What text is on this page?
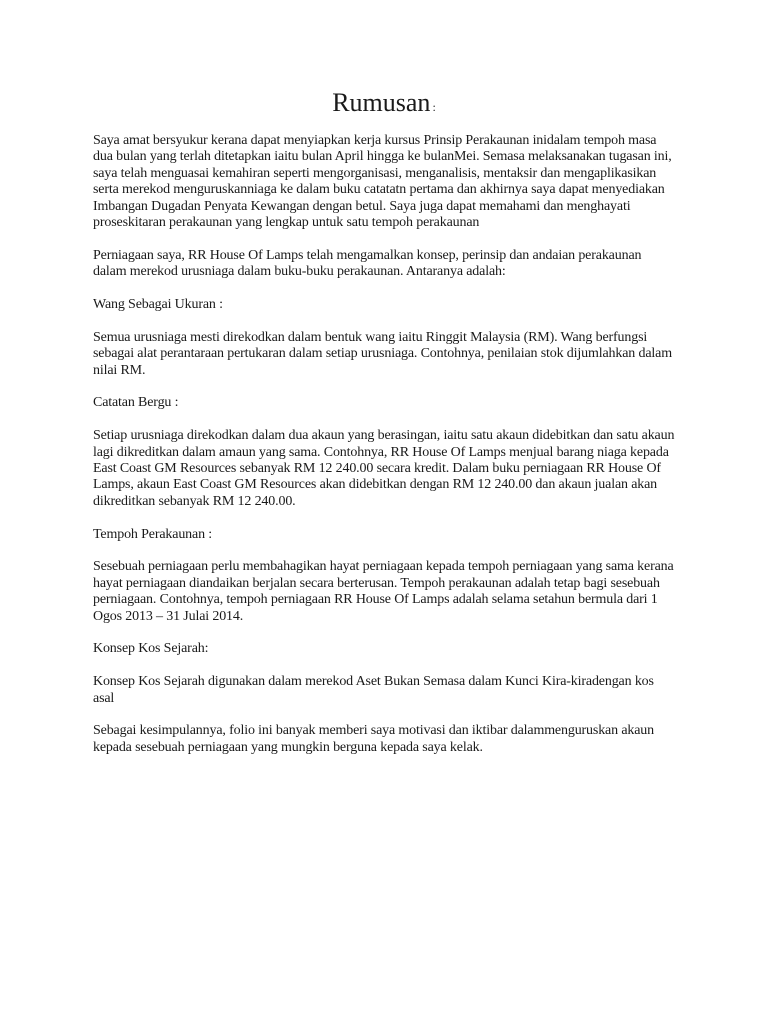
Rumusan :

Saya amat bersyukur kerana dapat menyiapkan kerja kursus Prinsip Perakaunan inidalam tempoh masa dua bulan yang terlah ditetapkan iaitu bulan April hingga ke bulanMei. Semasa melaksanakan tugasan ini, saya telah menguasai kemahiran seperti mengorganisasi, menganalisis, mentaksir dan mengaplikasikan serta merekod menguruskanniaga ke dalam buku catatatn pertama dan akhirnya saya dapat menyediakan Imbangan Dugadan Penyata Kewangan dengan betul. Saya juga dapat memahami dan menghayati proseskitaran perakaunan yang lengkap untuk satu tempoh perakaunan

Perniagaan saya, RR House Of Lamps telah mengamalkan konsep, perinsip dan andaian perakaunan dalam merekod urusniaga dalam buku-buku perakaunan. Antaranya adalah:

Wang Sebagai Ukuran :

Semua urusniaga mesti direkodkan dalam bentuk wang iaitu Ringgit Malaysia (RM). Wang berfungsi sebagai alat perantaraan pertukaran dalam setiap urusniaga. Contohnya, penilaian stok dijumlahkan dalam nilai RM.

Catatan Bergu :

Setiap urusniaga direkodkan dalam dua akaun yang berasingan, iaitu satu akaun didebitkan dan satu akaun lagi dikreditkan dalam amaun yang sama. Contohnya, RR House Of Lamps menjual barang niaga kepada East Coast GM Resources sebanyak RM 12 240.00 secara kredit. Dalam buku perniagaan RR House Of Lamps, akaun East Coast GM Resources akan didebitkan dengan RM 12 240.00 dan akaun jualan akan dikreditkan sebanyak RM 12 240.00.

Tempoh Perakaunan :

Sesebuah perniagaan perlu membahagikan hayat perniagaan kepada tempoh perniagaan yang sama kerana hayat perniagaan diandaikan berjalan secara berterusan. Tempoh perakaunan adalah tetap bagi sesebuah perniagaan. Contohnya, tempoh perniagaan RR House Of Lamps adalah selama setahun bermula dari 1 Ogos 2013 – 31 Julai 2014.

Konsep Kos Sejarah:

Konsep Kos Sejarah digunakan dalam merekod Aset Bukan Semasa dalam Kunci Kira-kiradengan kos asal

Sebagai kesimpulannya, folio ini banyak memberi saya motivasi dan iktibar dalammenguruskan akaun kepada sesebuah perniagaan yang mungkin berguna kepada saya kelak.
